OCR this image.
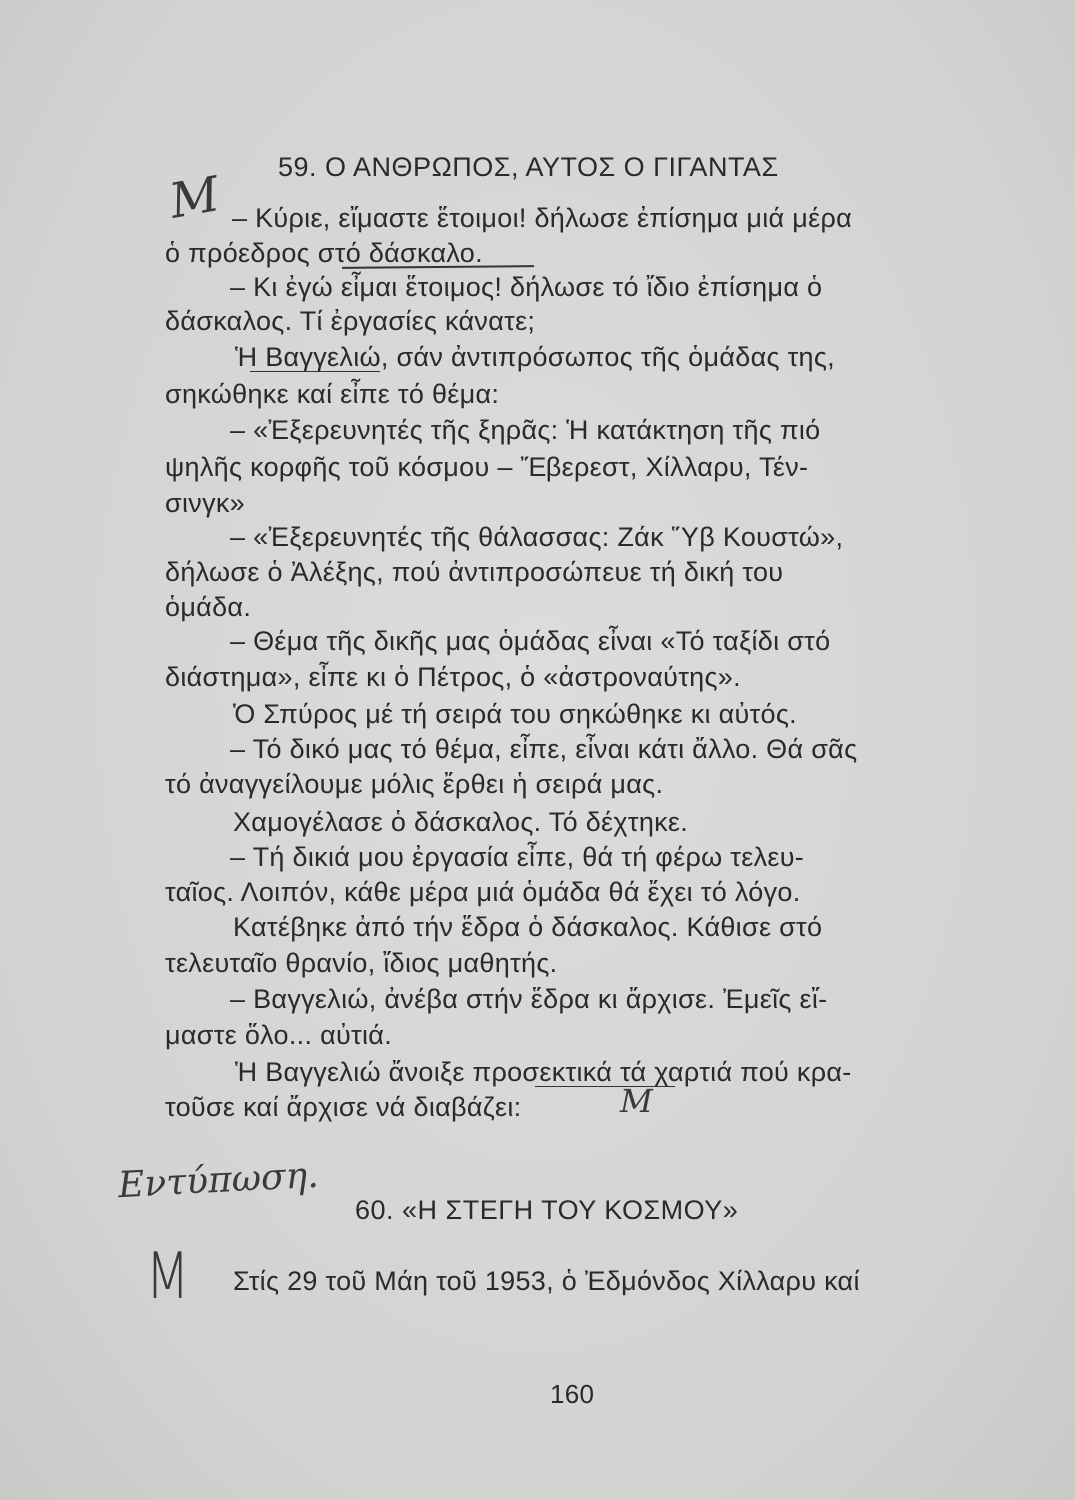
59. Ο ΑΝΘΡΩΠΟΣ, ΑΥΤΟΣ Ο ΓΙΓΑΝΤΑΣ
– Κύριε, εἴμαστε ἕτοιμοι! δήλωσε ἐπίσημα μιά μέρα
ὁ πρόεδρος στό δάσκαλο.
– Κι ἐγώ εἶμαι ἕτοιμος! δήλωσε τό ἴδιο ἐπίσημα ὁ
δάσκαλος. Τί ἐργασίες κάνατε;
Ἡ Βαγγελιώ, σάν ἀντιπρόσωπος τῆς ὁμάδας της,
σηκώθηκε καί εἶπε τό θέμα:
– «Ἐξερευνητές τῆς ξηρᾶς: Ἡ κατάκτηση τῆς πιό
ψηλῆς κορφῆς τοῦ κόσμου – Ἔβερεστ, Χίλλαρυ, Τέν-
σινγκ»
– «Ἐξερευνητές τῆς θάλασσας: Ζάκ Ὕβ Κουστώ»,
δήλωσε ὁ Ἀλέξης, πού ἀντιπροσώπευε τή δική του
ὁμάδα.
– Θέμα τῆς δικῆς μας ὁμάδας εἶναι «Τό ταξίδι στό
διάστημα», εἶπε κι ὁ Πέτρος, ὁ «ἀστροναύτης».
Ὁ Σπύρος μέ τή σειρά του σηκώθηκε κι αὐτός.
– Τό δικό μας τό θέμα, εἶπε, εἶναι κάτι ἄλλο. Θά σᾶς
τό ἀναγγείλουμε μόλις ἔρθει ἡ σειρά μας.
Χαμογέλασε ὁ δάσκαλος. Τό δέχτηκε.
– Τή δικιά μου ἐργασία εἶπε, θά τή φέρω τελευ-
ταῖος. Λοιπόν, κάθε μέρα μιά ὁμάδα θά ἔχει τό λόγο.
Κατέβηκε ἀπό τήν ἕδρα ὁ δάσκαλος. Κάθισε στό
τελευταῖο θρανίο, ἴδιος μαθητής.
– Βαγγελιώ, ἀνέβα στήν ἕδρα κι ἄρχισε. Ἐμεῖς εἴ-
μαστε ὅλο... αὐτιά.
Ἡ Βαγγελιώ ἄνοιξε προσεκτικά τά χαρτιά πού κρα-
τοῦσε καί ἄρχισε νά διαβάζει:
60. «Η ΣΤΕΓΗ ΤΟΥ ΚΟΣΜΟΥ»
Στίς 29 τοῦ Μάη τοῦ 1953, ὁ Ἐδμόνδος Χίλλαρυ καί
M
M
Εντύπωση.
M
160
